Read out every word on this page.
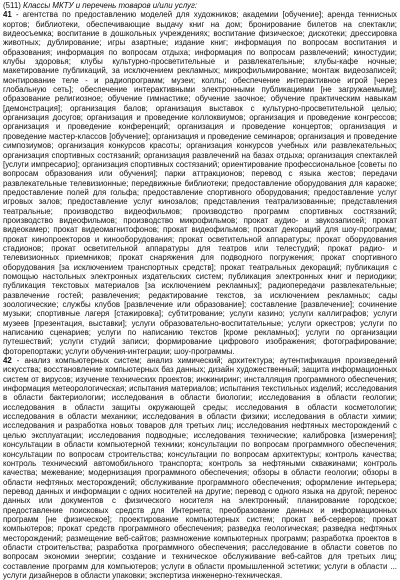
(511) Классы МКТУ и перечень товаров и/или услуг:
41 - агентства по предоставлению моделей для художников; академии [обучение]; аренда теннисных кортов; библиотеки, обеспечивающие выдачу книг на дом; бронирование билетов на спектакли; видеосъемка; воспитание в дошкольных учреждениях; воспитание физическое; дискотеки; дрессировка животных; дублирование; игры азартные; издание книг; информация по вопросам воспитания и образования; информация по вопросам отдыха; информация по вопросам развлечений; киностудии; клубы здоровья; клубы культурно-просветительные и развлекательные; клубы-кафе ночные; макетирование публикаций, за исключением рекламных; микрофильмирование; монтаж видеозаписей; монтирование теле - и радиопрограмм; музеи; коллы; обеспечение интерактивное игрой [через глобальную сеть]; обеспечение интерактивными электронными публикациями [не загружаемыми]; образование религиозное; обучение гимнастике; обучение заочное; обучение практическим навыкам [демонстрация]; организация балов; организация выставок с культурно-просветительной целью; организация досугов; организация и проведение коллоквиумов; организация и проведение конгрессов; организация и проведение конференций; организация и проведение концертов; организация и проведение мастер-классов [обучение]; организация и проведение семинаров; организация и проведение симпозиумов; организация конкурсов красоты; организация конкурсов учебных или развлекательных; организация спортивных состязаний; организация развлечений на базах отдыха; организация спектаклей [услуги импресарио]; организация спортивных состязаний; ориентирование профессиональное [советы по вопросам образования или обучения]; парки аттракционов; перевод с языка жестов; передачи развлекательные телевизионные; передвижные библиотеки; предоставление оборудования для караоке; предоставление полей для гольфа; предоставление спортивного оборудования; предоставление услуг игровых залов; предоставление услуг кинозалов; представления театрализованные; представления театральные; производство видеофильмов; производство программ спортивных состязаний; производство видеофильмов; производство микрофильмов; прокат аудио- и звукозаписей; прокат видеокамер; прокат видеомагнитофонов; прокат видеофильмов; прокат декораций для шоу-программ; прокат кинопроекторов и кинооборудования; прокат осветительной аппаратуры; прокат оборудования стадионов; прокат осветительной аппаратуры для театров или телестудий; прокат радио- и телевизионных приемников; прокат снаряжения для подводного погружения; прокат спортивного оборудования [за исключением транспортных средств]; прокат театральных декораций; публикация с помощью настольных электронных издательских систем; публикация электронных книг и периодики; публикация текстовых материалов [за исключением рекламных]; радиопередачи развлекательные; развлечение гостей; развлечения; редактирование текстов, за исключением рекламных; сады зоологические; службы клубов [развлечение или образование]; составление [развлечение]; сочинение музыки; спортивные лагеря [стажировка]; субтитрование; услуги казино; услуги каллиграфов; услуги музеев [презентация, выставки]; услуги образовательно-воспитательные; услуги оркестров; услуги по написанию сценариев; услуги по написанию текстов [кроме рекламных]; услуги по организации путешествий; услуги студий записи; формирование цифрового изображения; фотографирование; фоторепортажи; услуги обучения-интеграции; шоу-программы.
42 - анализ компьютерных систем; анализ химический; архитектура; аутентификация произведений искусства; восстановление компьютерных баз данных; дизайн художественный; защита информационных систем от вирусов; изучение технических проектов; инжиниринг; инсталляция программного обеспечения; информация метеорологическая; испытания материалов; испытания текстильных изделий; исследования в области бактериологии; исследования в области биологии; исследования в области геологии; исследования в области защиты окружающей среды; исследования в области косметологии; исследования в области механики; исследования в области физики; исследования в области химии; исследования и разработка новых товаров для третьих лиц; исследования нефтяных месторождений с целью эксплуатации; исследования подводные; исследования технические; калибровка [измерения]; консультации в области компьютерной техники; консультации по вопросам программного обеспечения; консультации по вопросам строительства; консультации по вопросам архитектуры; контроль качества; контроль технический автомобильного транспорта; контроль за нефтяными скважинами; контроль качества; межевание; модернизация программного обеспечения; обзоры в области геологии; обзоры в области нефтяных месторождений; обслуживание программного обеспечения; оформление интерьера; перевод данных и информации с одних носителей на другие; перевод с одного языка на другой; перенос данных или документов с физического носителя на электронный; планирование городское; предоставление поисковых средств для Интернета; преобразование данных и информационных программ [не физическое]; проектирование компьютерных систем; прокат веб-серверов; прокат компьютеров; прокат средств программного обеспечения; разведка геологическая; разведка нефтяных месторождений; размещение веб-сайтов; размножение компьютерных программ; разработка проектов в области строительства; разработка программного обеспечения; расследование в области советов по вопросам экономии энергии; создание и техническое обслуживание веб-сайтов для третьих лиц; составление программ для компьютеров; услуги в области промышленной эстетики; услуги в области ... услуги дизайнеров в области упаковки; экспертиза инженерно-техническая.
